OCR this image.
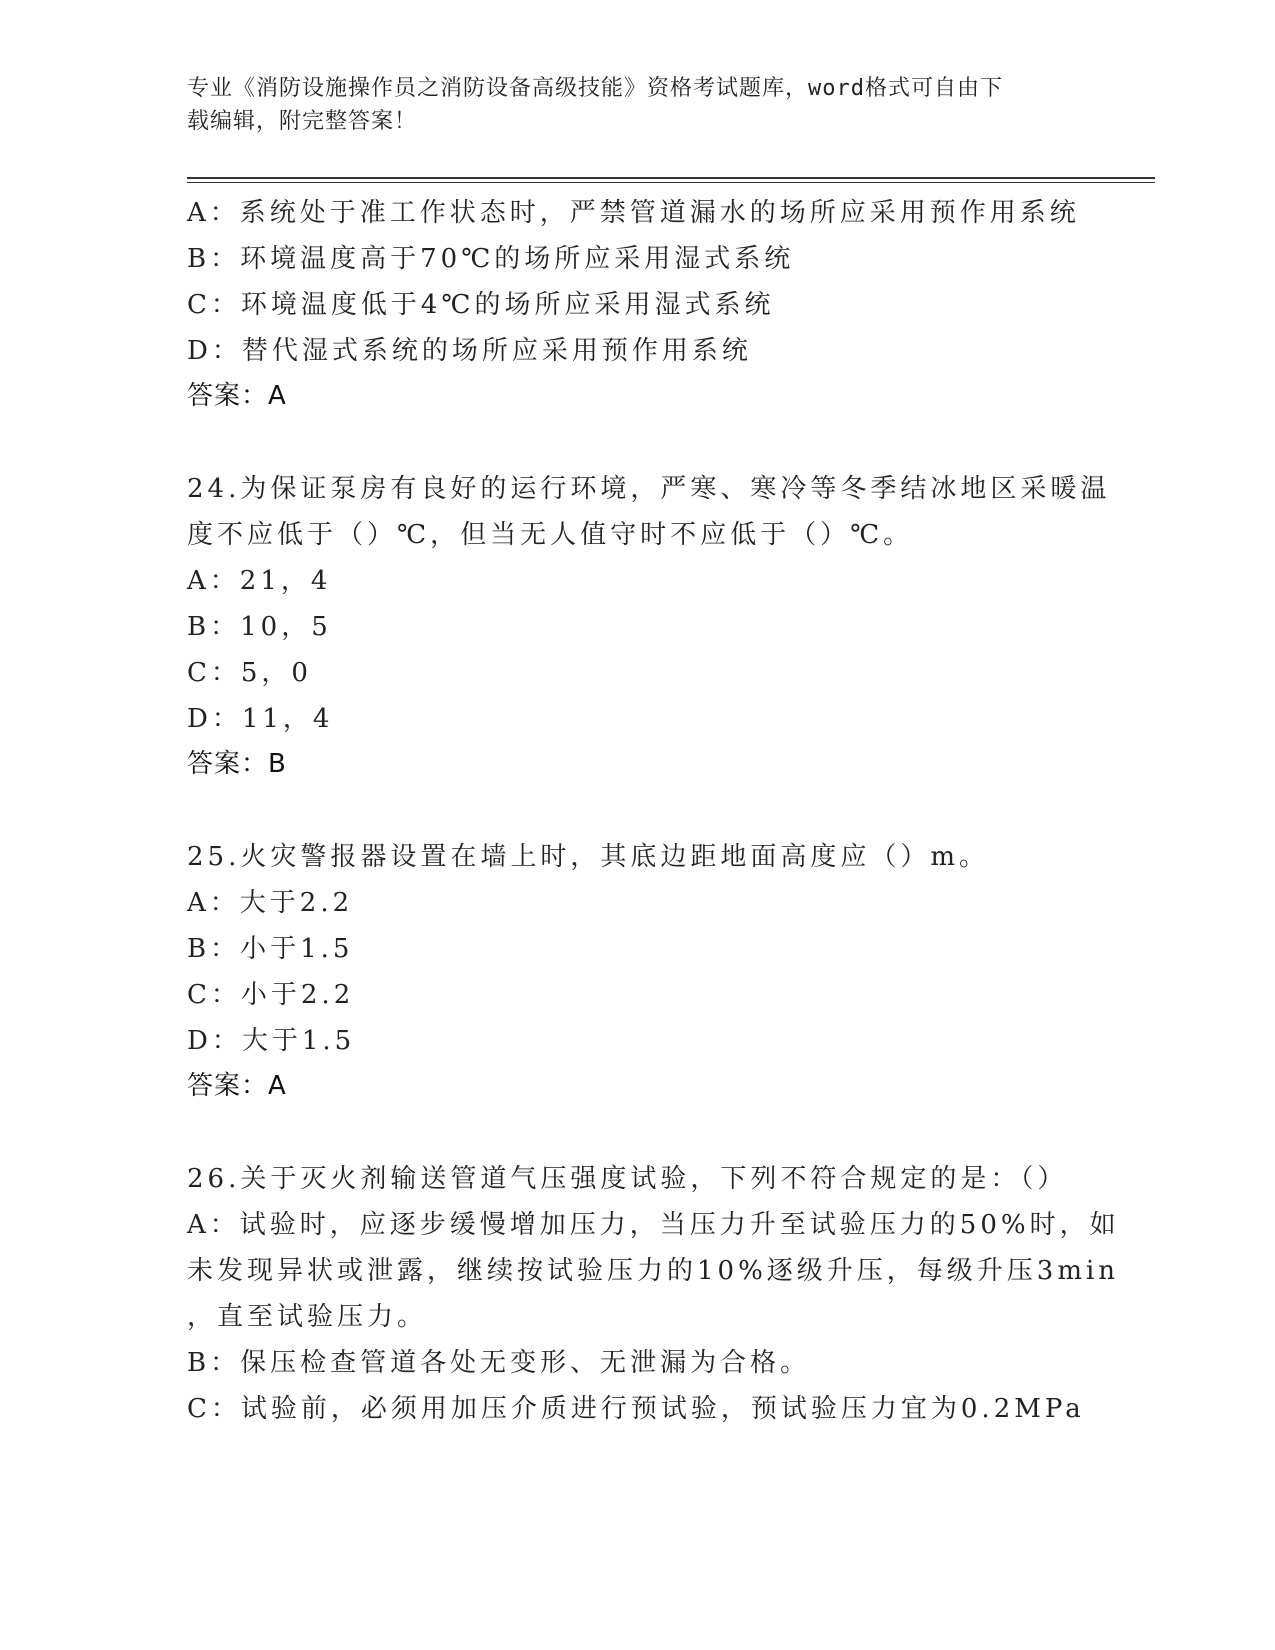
专业《消防设施操作员之消防设备高级技能》资格考试题库，word格式可自由下
载编辑，附完整答案！
A：系统处于准工作状态时，严禁管道漏水的场所应采用预作用系统
B：环境温度高于70℃的场所应采用湿式系统
C：环境温度低于4℃的场所应采用湿式系统
D：替代湿式系统的场所应采用预作用系统
答案：A
24.为保证泵房有良好的运行环境，严寒、寒冷等冬季结冰地区采暖温
度不应低于（）℃，但当无人值守时不应低于（）℃。
A：21，4
B：10，5
C：5，0
D：11，4
答案：B
25.火灾警报器设置在墙上时，其底边距地面高度应（）m。
A：大于2.2
B：小于1.5
C：小于2.2
D：大于1.5
答案：A
26.关于灭火剂输送管道气压强度试验，下列不符合规定的是：（）
A：试验时，应逐步缓慢增加压力，当压力升至试验压力的50%时，如
未发现异状或泄露，继续按试验压力的10%逐级升压，每级升压3min
，直至试验压力。
B：保压检查管道各处无变形、无泄漏为合格。
C：试验前，必须用加压介质进行预试验，预试验压力宜为0.2MPa
